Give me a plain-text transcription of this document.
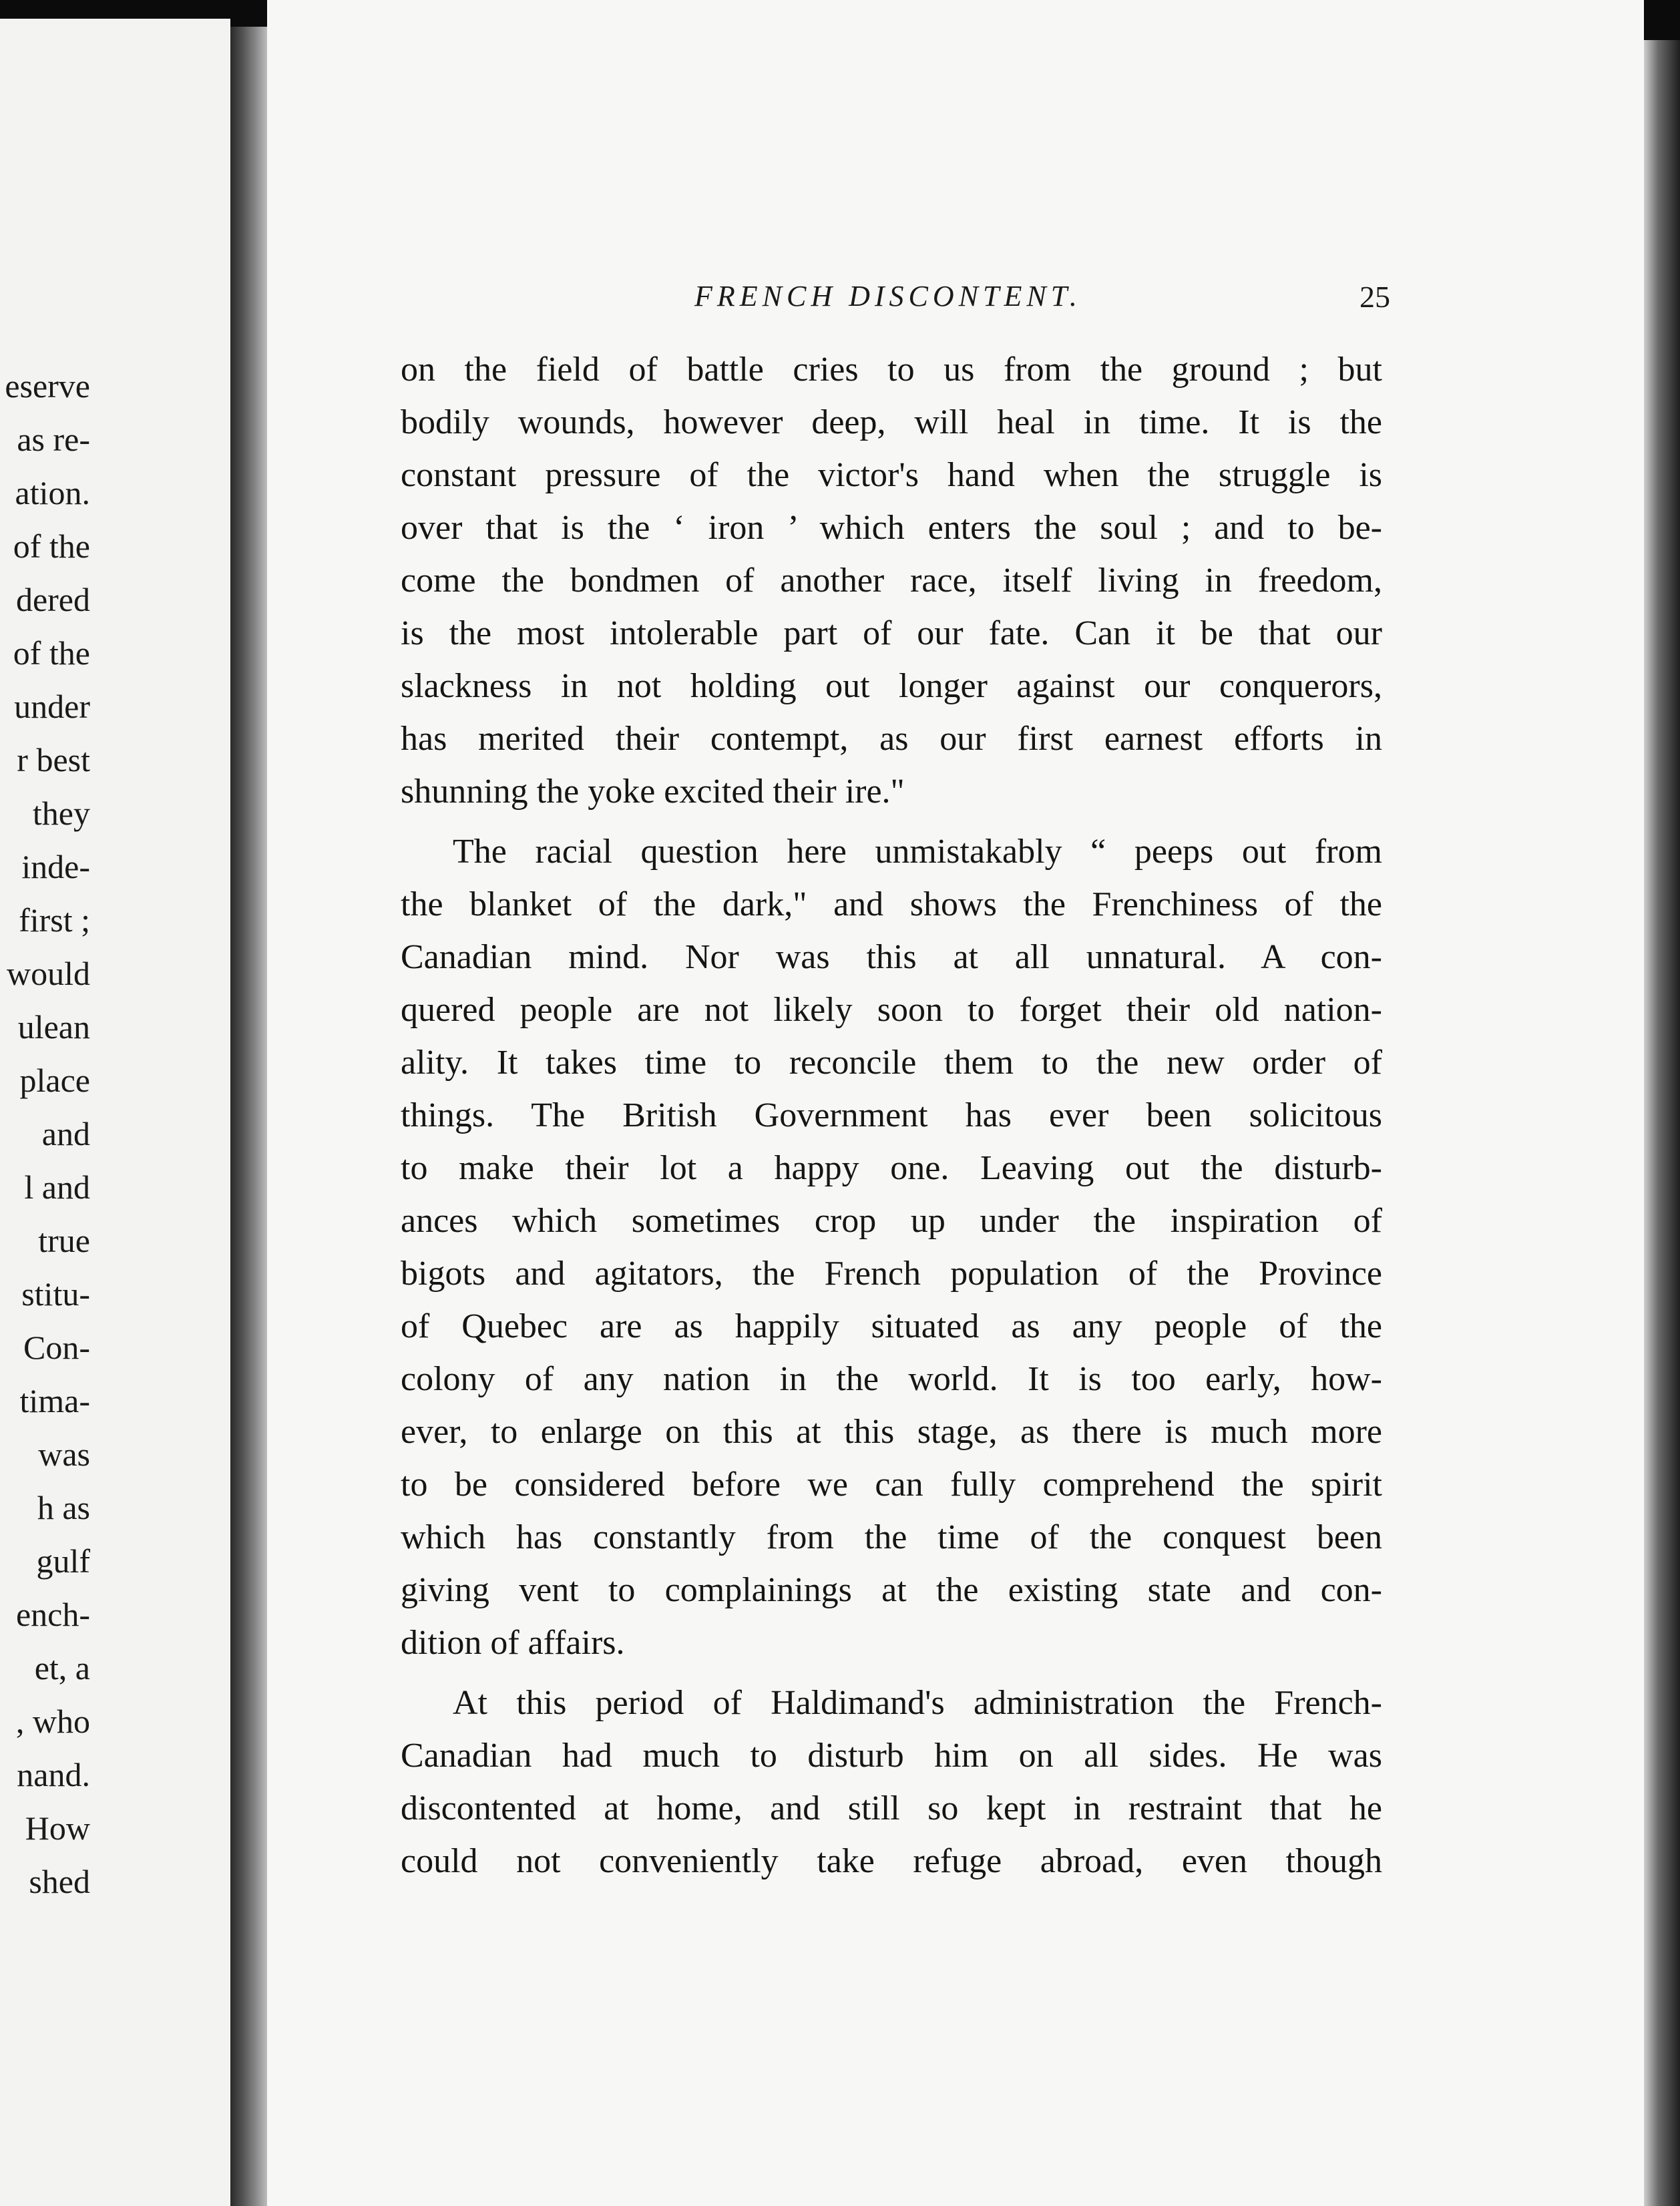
eserve
as re-
ation.
of the
dered
of the
under
r best
they
inde-
first ;
would
ulean
place
and
l and
true
stitu-
Con-
tima-
was
h as
gulf
ench-
et, a
, who
nand.
How
shed
FRENCH DISCONTENT.	25
on the field of battle cries to us from the ground ; but
bodily wounds, however deep, will heal in time. It is the
constant pressure of the victor's hand when the struggle is
over that is the ‘ iron ’ which enters the soul ; and to be-
come the bondmen of another race, itself living in freedom,
is the most intolerable part of our fate. Can it be that our
slackness in not holding out longer against our conquerors,
has merited their contempt, as our first earnest efforts in
shunning the yoke excited their ire."
The racial question here unmistakably “ peeps out from
the blanket of the dark," and shows the Frenchiness of the
Canadian mind. Nor was this at all unnatural. A con-
quered people are not likely soon to forget their old nation-
ality. It takes time to reconcile them to the new order of
things. The British Government has ever been solicitous
to make their lot a happy one. Leaving out the disturb-
ances which sometimes crop up under the inspiration of
bigots and agitators, the French population of the Province
of Quebec are as happily situated as any people of the
colony of any nation in the world. It is too early, how-
ever, to enlarge on this at this stage, as there is much more
to be considered before we can fully comprehend the spirit
which has constantly from the time of the conquest been
giving vent to complainings at the existing state and con-
dition of affairs.
At this period of Haldimand's administration the French-
Canadian had much to disturb him on all sides. He was
discontented at home, and still so kept in restraint that he
could not conveniently take refuge abroad, even though
